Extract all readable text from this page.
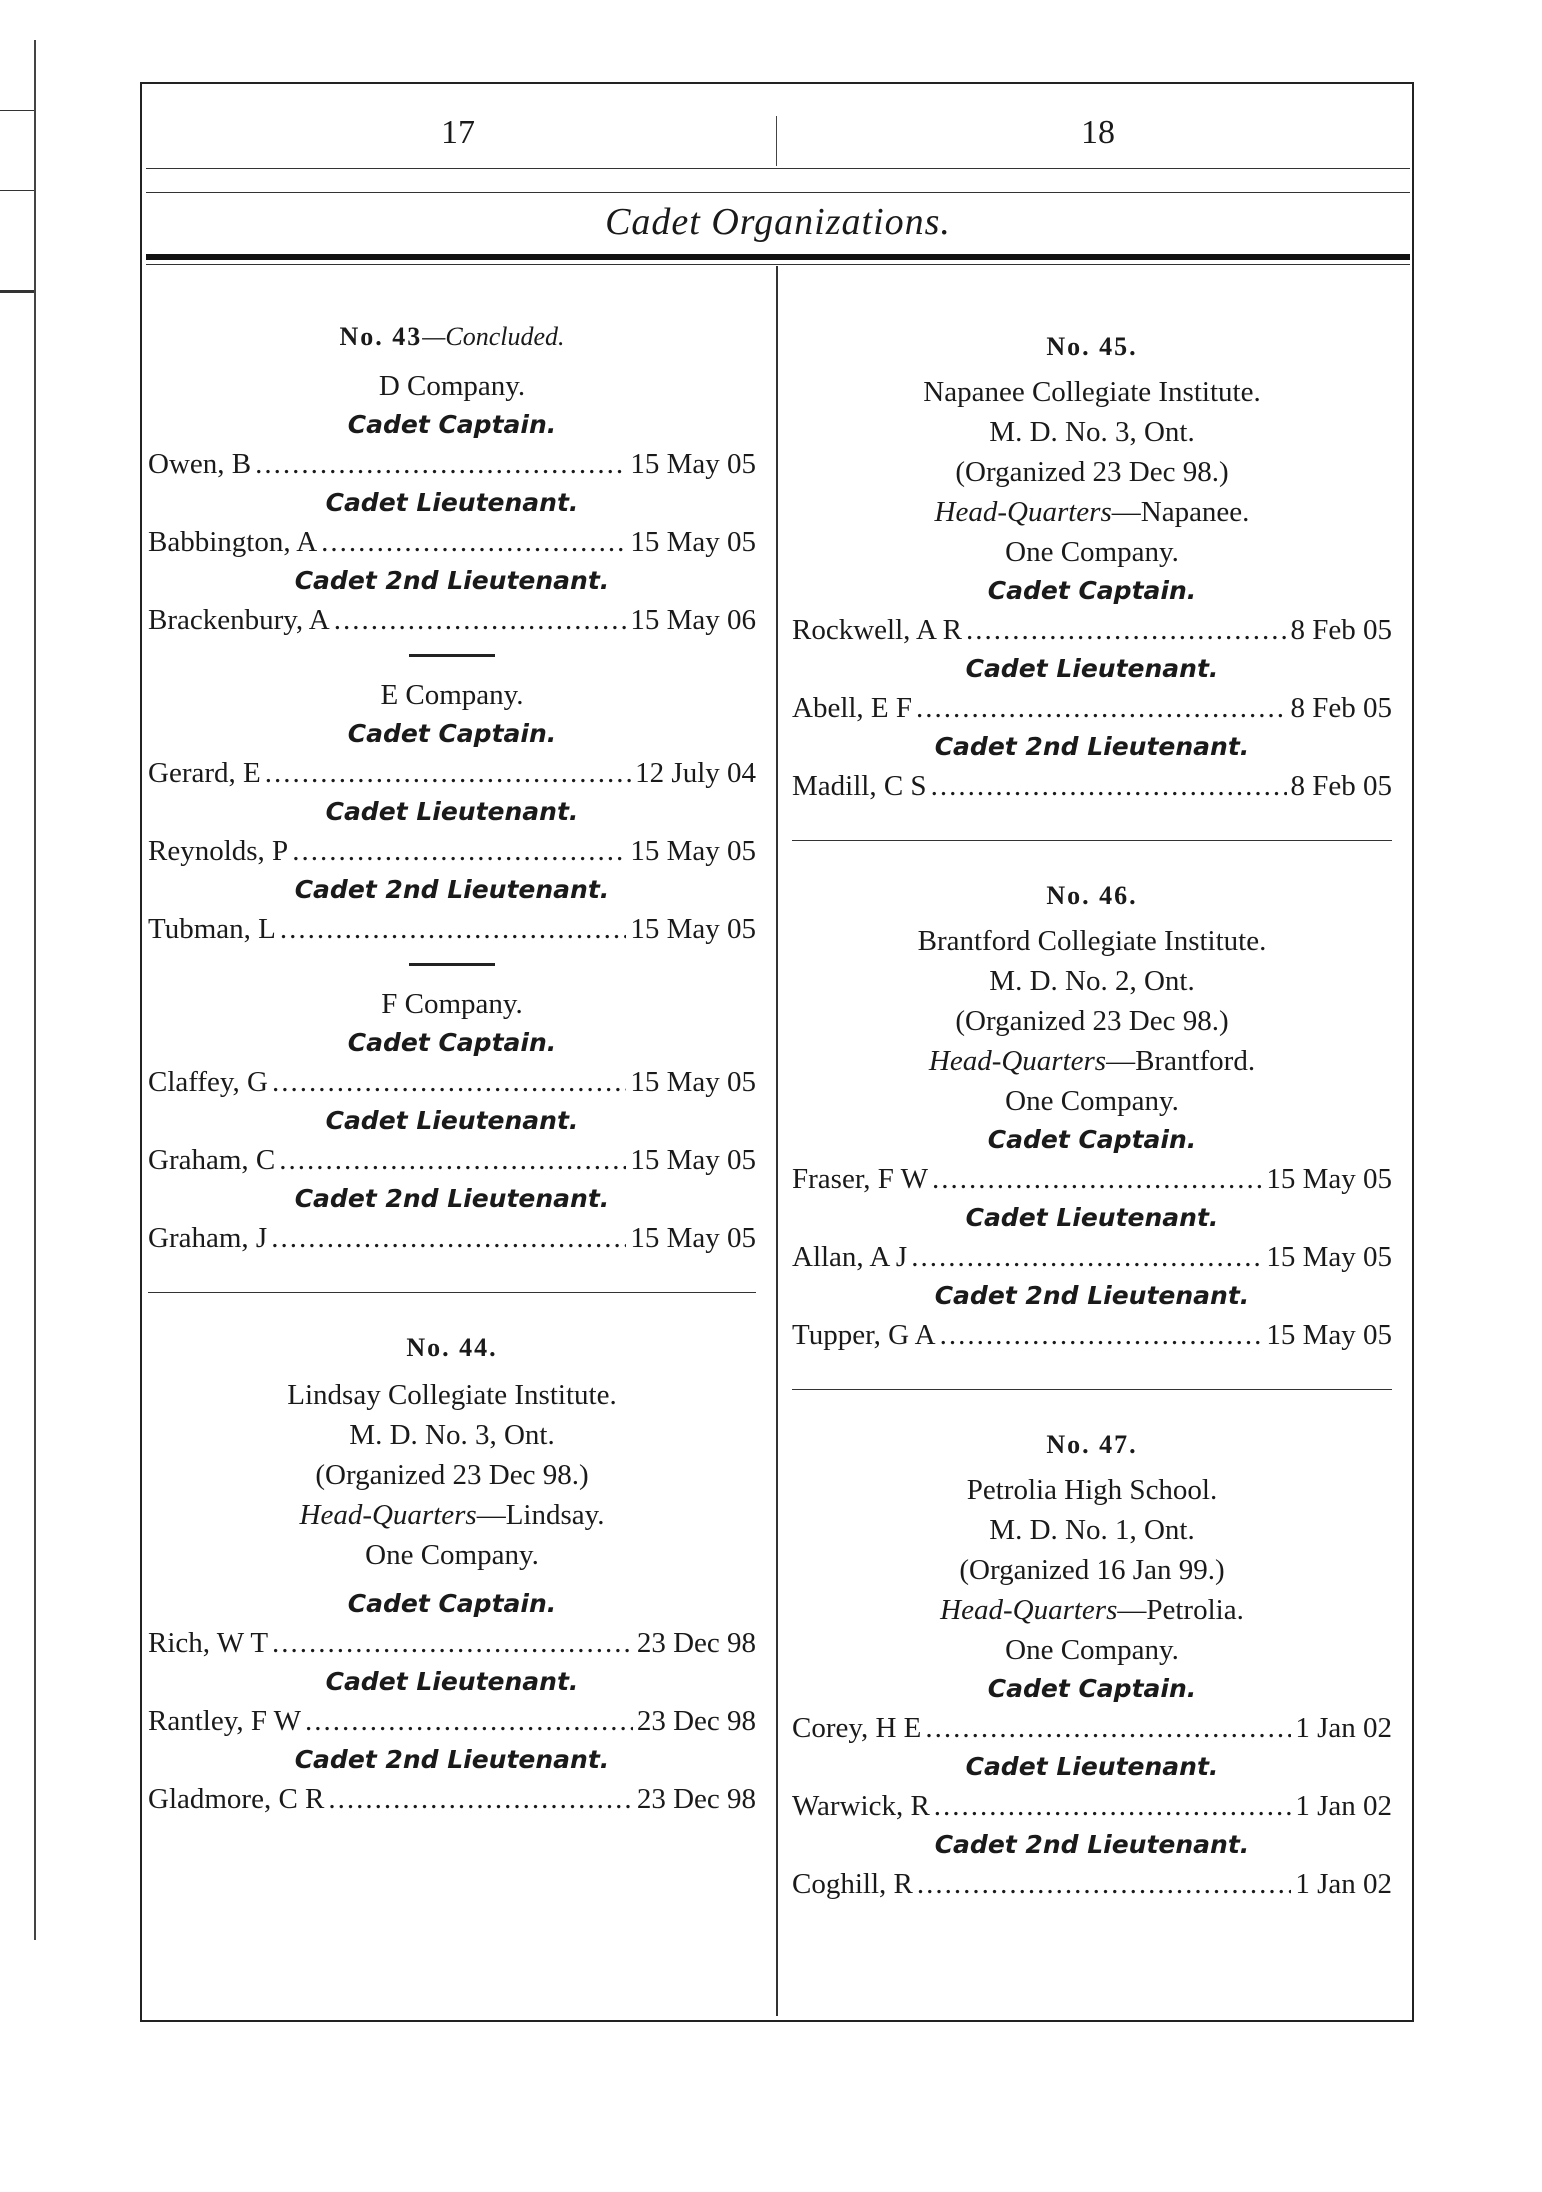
17	18
Cadet Organizations.
No. 43—Concluded.
D Company.
Cadet Captain.
Owen, B .....	15 May 05
Cadet Lieutenant.
Babbington, A .....	15 May 05
Cadet 2nd Lieutenant.
Brackenbury, A .....	15 May 06
E Company.
Cadet Captain.
Gerard, E .....	12 July 04
Cadet Lieutenant.
Reynolds, P .....	15 May 05
Cadet 2nd Lieutenant.
Tubman, L .....	15 May 05
F Company.
Cadet Captain.
Claffey, G .....	15 May 05
Cadet Lieutenant.
Graham, C .....	15 May 05
Cadet 2nd Lieutenant.
Graham, J .....	15 May 05
No. 44.
Lindsay Collegiate Institute.
M. D. No. 3, Ont.
(Organized 23 Dec 98.)
Head-Quarters—Lindsay.
One Company.
Cadet Captain.
Rich, W T .....	23 Dec 98
Cadet Lieutenant.
Rantley, F W .....	23 Dec 98
Cadet 2nd Lieutenant.
Gladmore, C R .....	23 Dec 98
No. 45.
Napanee Collegiate Institute.
M. D. No. 3, Ont.
(Organized 23 Dec 98.)
Head-Quarters—Napanee.
One Company.
Cadet Captain.
Rockwell, A R .....	8 Feb 05
Cadet Lieutenant.
Abell, E F .....	8 Feb 05
Cadet 2nd Lieutenant.
Madill, C S .....	8 Feb 05
No. 46.
Brantford Collegiate Institute.
M. D. No. 2, Ont.
(Organized 23 Dec 98.)
Head-Quarters—Brantford.
One Company.
Cadet Captain.
Fraser, F W .....	15 May 05
Cadet Lieutenant.
Allan, A J .....	15 May 05
Cadet 2nd Lieutenant.
Tupper, G A .....	15 May 05
No. 47.
Petrolia High School.
M. D. No. 1, Ont.
(Organized 16 Jan 99.)
Head-Quarters—Petrolia.
One Company.
Cadet Captain.
Corey, H E .....	1 Jan 02
Cadet Lieutenant.
Warwick, R .....	1 Jan 02
Cadet 2nd Lieutenant.
Coghill, R .....	1 Jan 02
